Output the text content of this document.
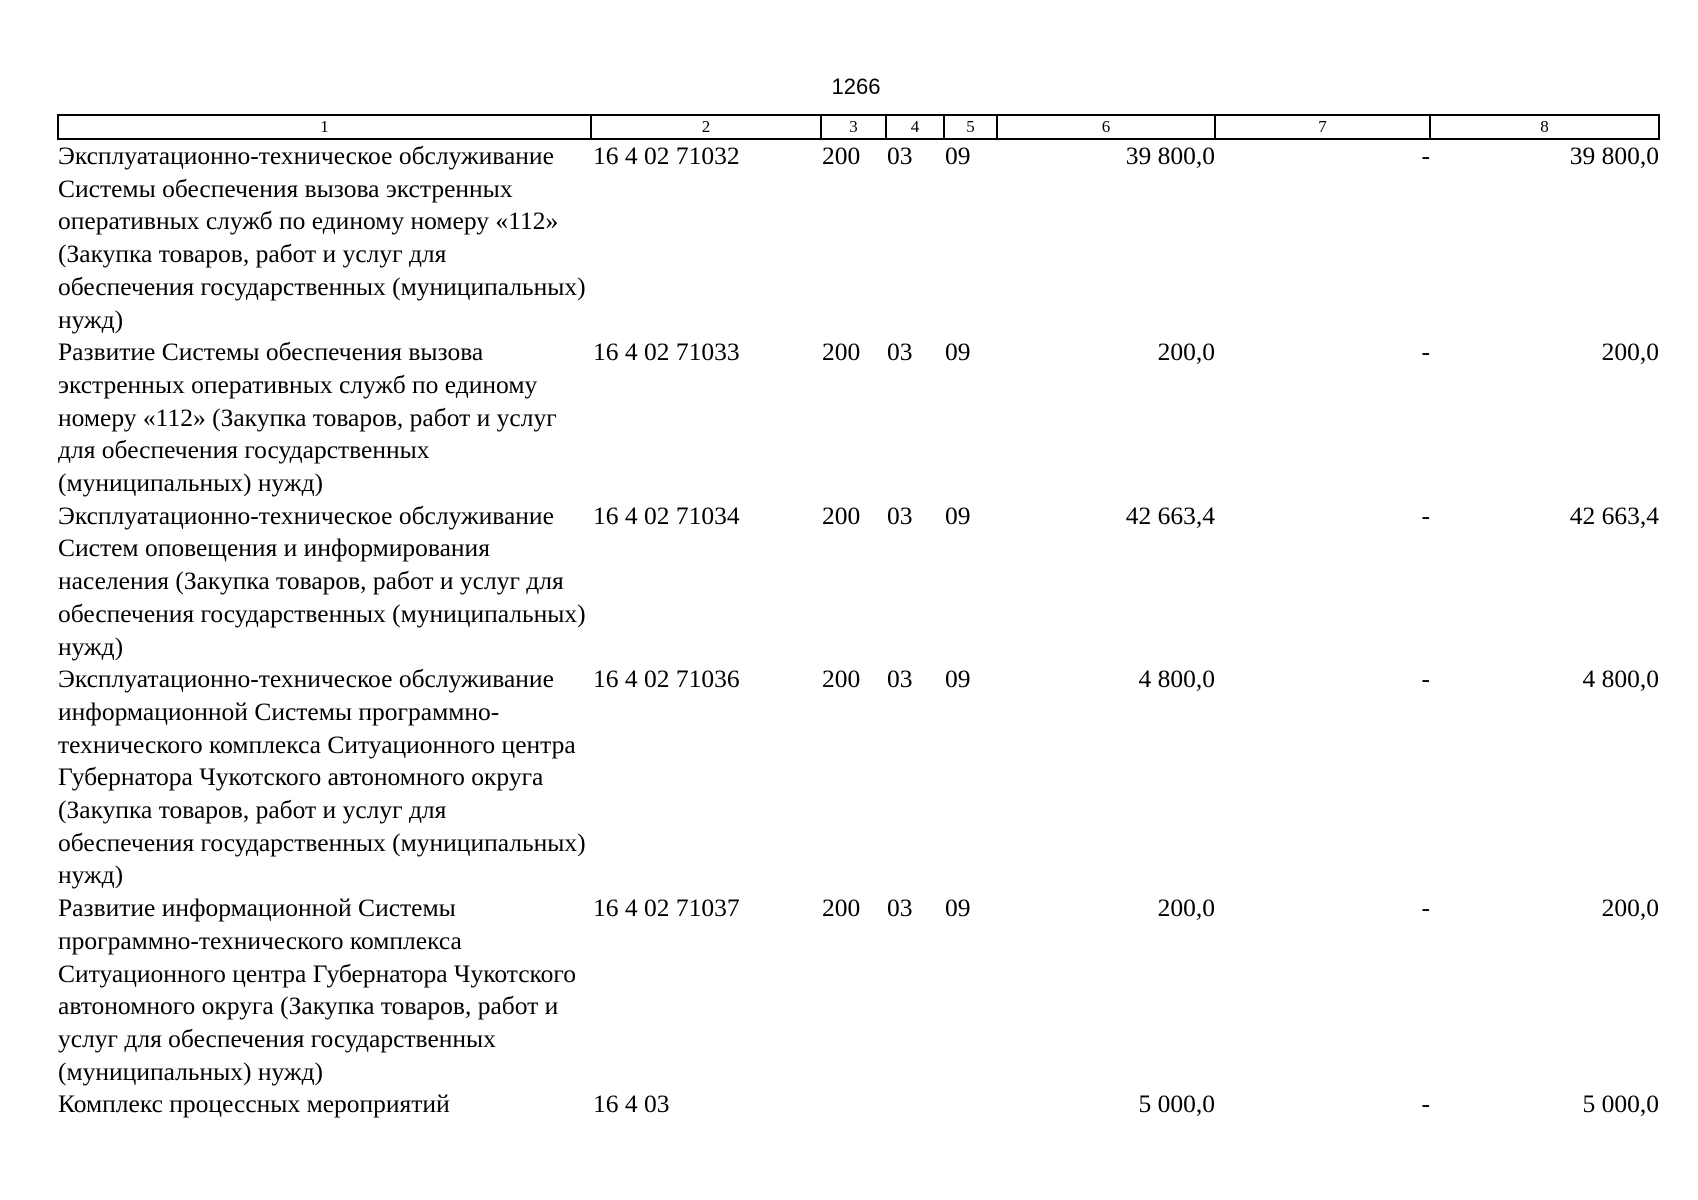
1266
1	2	3	4	5	6	7	8
Эксплуатационно-техническое обслуживание Системы обеспечения вызова экстренных оперативных служб по единому номеру «112» (Закупка товаров, работ и услуг для обеспечения государственных (муниципальных) нужд)	16 4 02 71032	200	03	09	39 800,0	-	39 800,0
Развитие Системы обеспечения вызова экстренных оперативных служб по единому номеру «112» (Закупка товаров, работ и услуг для обеспечения государственных (муниципальных) нужд)	16 4 02 71033	200	03	09	200,0	-	200,0
Эксплуатационно-техническое обслуживание Систем оповещения и информирования населения (Закупка товаров, работ и услуг для обеспечения государственных (муниципальных) нужд)	16 4 02 71034	200	03	09	42 663,4	-	42 663,4
Эксплуатационно-техническое обслуживание информационной Системы программно-технического комплекса Ситуационного центра Губернатора Чукотского автономного округа (Закупка товаров, работ и услуг для обеспечения государственных (муниципальных) нужд)	16 4 02 71036	200	03	09	4 800,0	-	4 800,0
Развитие информационной Системы программно-технического комплекса Ситуационного центра Губернатора Чукотского автономного округа (Закупка товаров, работ и услуг для обеспечения государственных (муниципальных) нужд)	16 4 02 71037	200	03	09	200,0	-	200,0
Комплекс процессных мероприятий	16 4 03				5 000,0	-	5 000,0
